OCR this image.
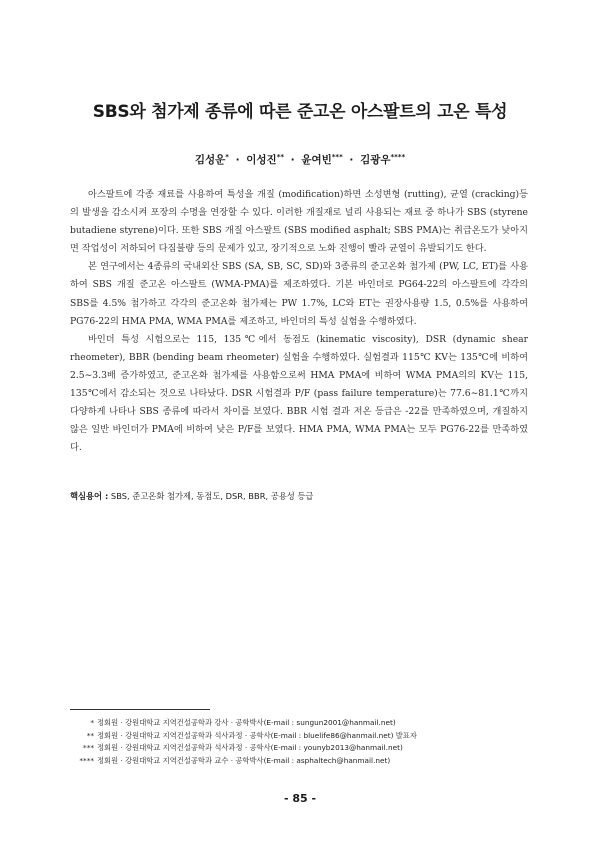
SBS와 첨가제 종류에 따른 준고온 아스팔트의 고온 특성
김성운* · 이성진** · 윤여빈*** · 김광우****

아스팔트에 각종 재료를 사용하여 특성을 개질 (modification)하면 소성변형 (rutting), 균열 (cracking)등의 발생을 감소시켜 포장의 수명을 연장할 수 있다. 이러한 개질재로 널리 사용되는 재료 중 하나가 SBS (styrene butadiene styrene)이다. 또한 SBS 개질 아스팔트 (SBS modified asphalt; SBS PMA)는 취급온도가 낮아지면 작업성이 저하되어 다짐불량 등의 문제가 있고, 장기적으로 노화 진행이 빨라 균열이 유발되기도 한다.

본 연구에서는 4종류의 국내외산 SBS (SA, SB, SC, SD)와 3종류의 준고온화 첨가제 (PW, LC, ET)를 사용하여 SBS 개질 준고온 아스팔트 (WMA-PMA)를 제조하였다. 기본 바인더로 PG64-22의 아스팔트에 각각의 SBS를 4.5% 첨가하고 각각의 준고온화 첨가제는 PW 1.7%, LC와 ET는 권장사용량 1.5, 0.5%를 사용하여 PG76-22의 HMA PMA, WMA PMA를 제조하고, 바인더의 특성 실험을 수행하였다.

바인더 특성 시험으로는 115, 135℃에서 동점도 (kinematic viscosity), DSR (dynamic shear rheometer), BBR (bending beam rheometer) 실험을 수행하였다. 실험결과 115℃ KV는 135℃에 비하여 2.5∼3.3배 증가하였고, 준고온화 첨가제를 사용함으로써 HMA PMA에 비하여 WMA PMA의의 KV는 115, 135℃에서 감소되는 것으로 나타났다. DSR 시험결과 P/F (pass failure temperature)는 77.6∼81.1℃까지 다양하게 나타나 SBS 종류에 따라서 차이를 보였다. BBR 시험 결과 저온 등급은 -22를 만족하였으며, 개질하지 않은 일반 바인더가 PMA에 비하여 낮은 P/F를 보였다. HMA PMA, WMA PMA는 모두 PG76-22를 만족하였다.

핵심용어 : SBS, 준고온화 첨가제, 동점도, DSR, BBR, 공용성 등급
* 정회원 · 강원대학교 지역건설공학과 강사 · 공학박사(E-mail : sungun2001@hanmail.net)
** 정회원 · 강원대학교 지역건설공학과 석사과정 · 공학사(E-mail : bluelife86@hanmail.net) 발표자
*** 정회원 · 강원대학교 지역건설공학과 석사과정 · 공학사(E-mail : younyb2013@hanmail.net)
**** 정회원 · 강원대학교 지역건설공학과 교수 · 공학박사(E-mail : asphaltech@hanmail.net)
- 85 -
